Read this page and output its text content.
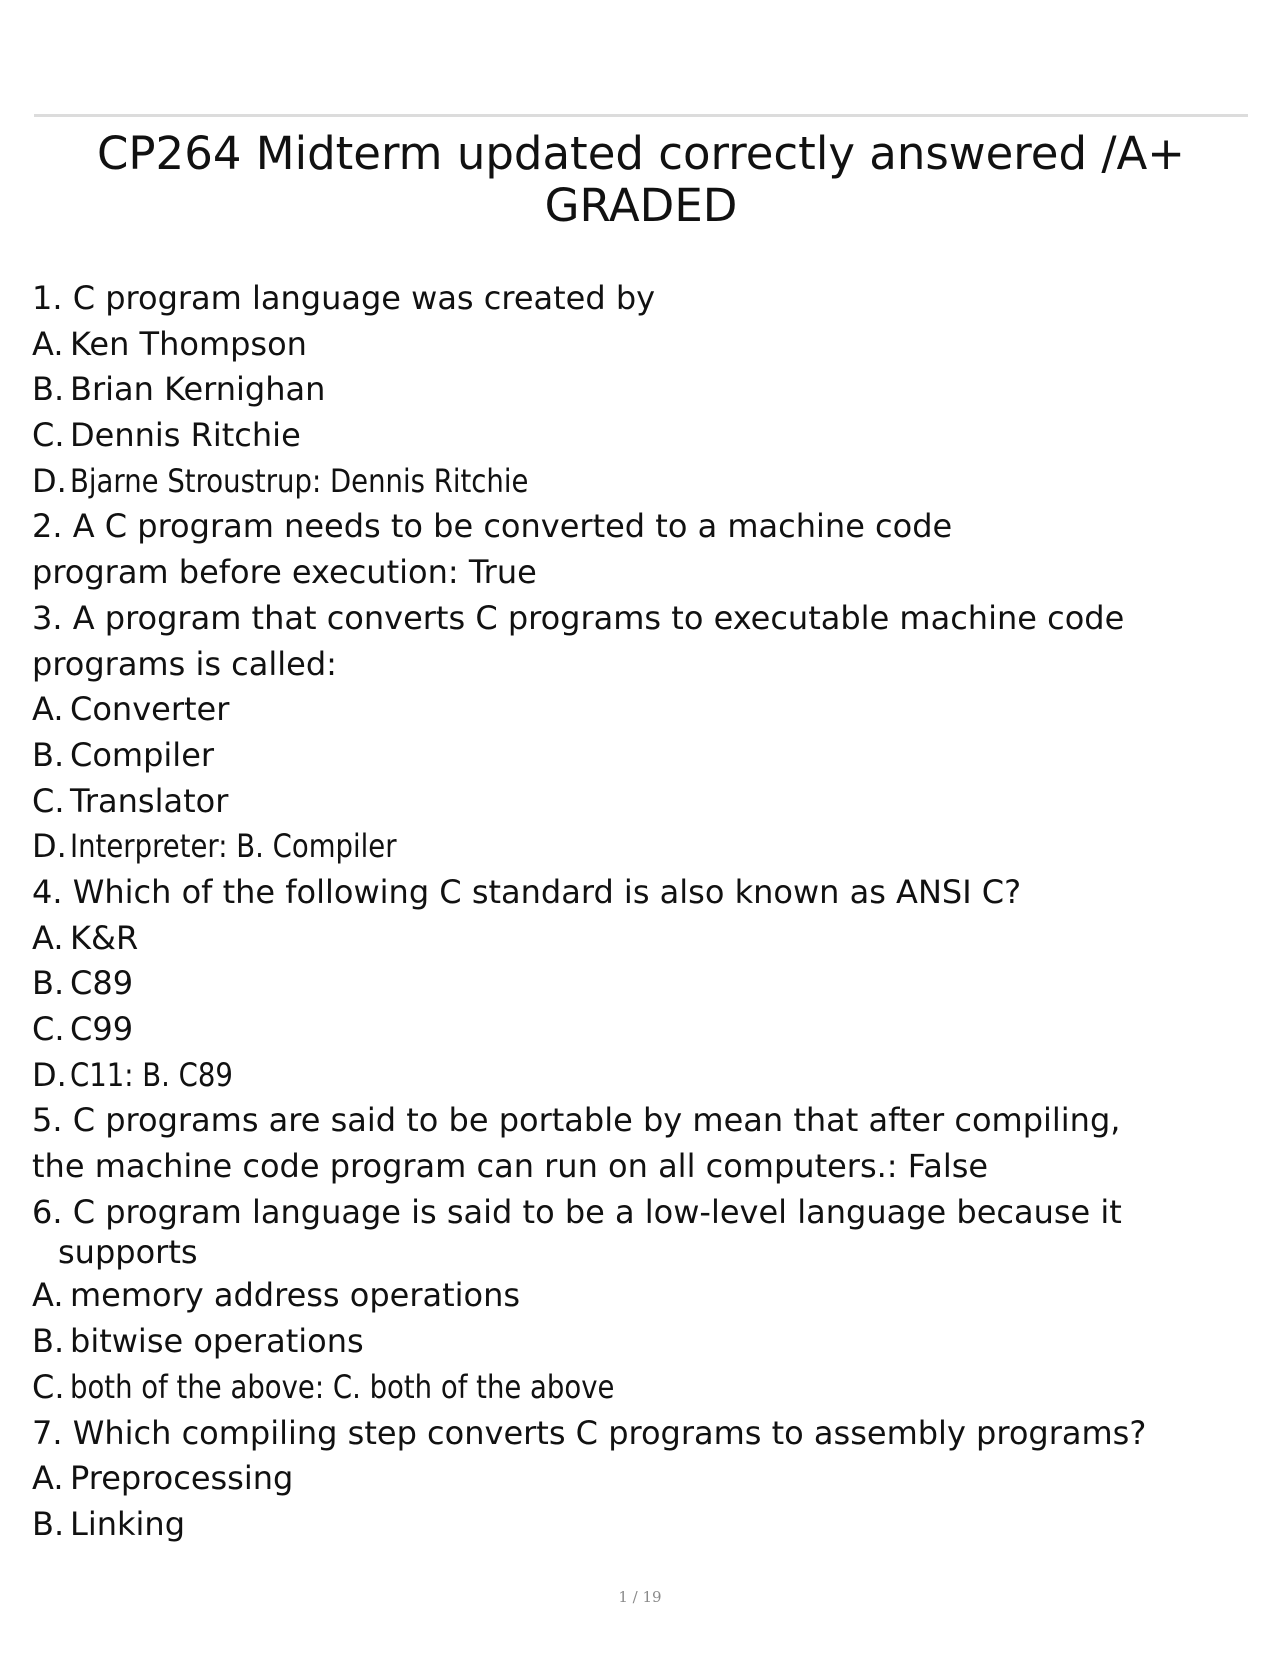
CP264 Midterm updated correctly answered /A+ GRADED
1. C program language was created by
A. Ken Thompson
B. Brian Kernighan
C. Dennis Ritchie
D.Bjarne Stroustrup: Dennis Ritchie
2. A C program needs to be converted to a machine code
program before execution: True
3. A program that converts C programs to executable machine code
programs is called:
A. Converter
B. Compiler
C. Translator
D.Interpreter: B. Compiler
4. Which of the following C standard is also known as ANSI C?
A. K&R
B. C89
C. C99
D.C11: B. C89
5. C programs are said to be portable by mean that after compiling,
the machine code program can run on all computers.: False
6. C program language is said to be a low-level language because it
supports
A. memory address operations
B. bitwise operations
C. both of the above: C. both of the above
7. Which compiling step converts C programs to assembly programs?
A. Preprocessing
B. Linking
1 / 19
